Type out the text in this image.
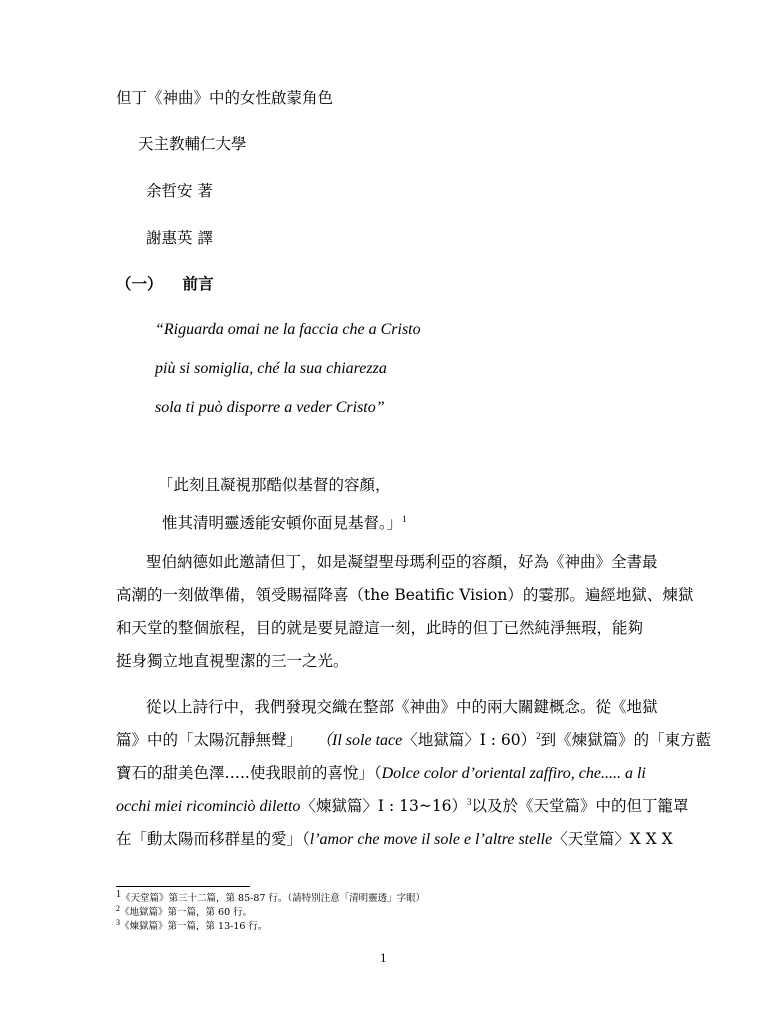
但丁《神曲》中的女性啟蒙角色
天主教輔仁大學
余哲安 著
謝惠英 譯
（一） 前言
“Riguarda omai ne la faccia che a Cristo
più si somiglia, ché la sua chiarezza
sola ti può disporre a veder Cristo”
「此刻且凝視那酷似基督的容顏，
惟其清明靈透能安頓你面見基督。」$^1$
聖伯納德如此邀請但丁，如是凝望聖母瑪利亞的容顏，好為《神曲》全書最
高潮的一刻做準備，領受賜福降喜（the Beatific Vision）的霎那。遍經地獄、煉獄
和天堂的整個旅程，目的就是要見證這一刻，此時的但丁已然純淨無瑕，能夠
挺身獨立地直視聖潔的三一之光。
從以上詩行中，我們發現交織在整部《神曲》中的兩大關鍵概念。從《地獄
篇》中的「太陽沉靜無聲」 （Il sole tace〈地獄篇〉I : 60）$^2$到《煉獄篇》的「東方藍
寶石的甜美色澤…..使我眼前的喜悅」（Dolce color d’oriental zaffiro, che..... a li
occhi miei ricominciò diletto〈煉獄篇〉I : 13~16）$^3$以及於《天堂篇》中的但丁籠罩
在「動太陽而移群星的愛」（l’amor che move il sole e l’altre stelle〈天堂篇〉X X X
$^1$《天堂篇》第三十二篇，第 85-87 行。（請特別注意「清明靈透」字眼）
$^2$《地獄篇》第一篇，第 60 行。
$^3$《煉獄篇》第一篇，第 13-16 行。
1
